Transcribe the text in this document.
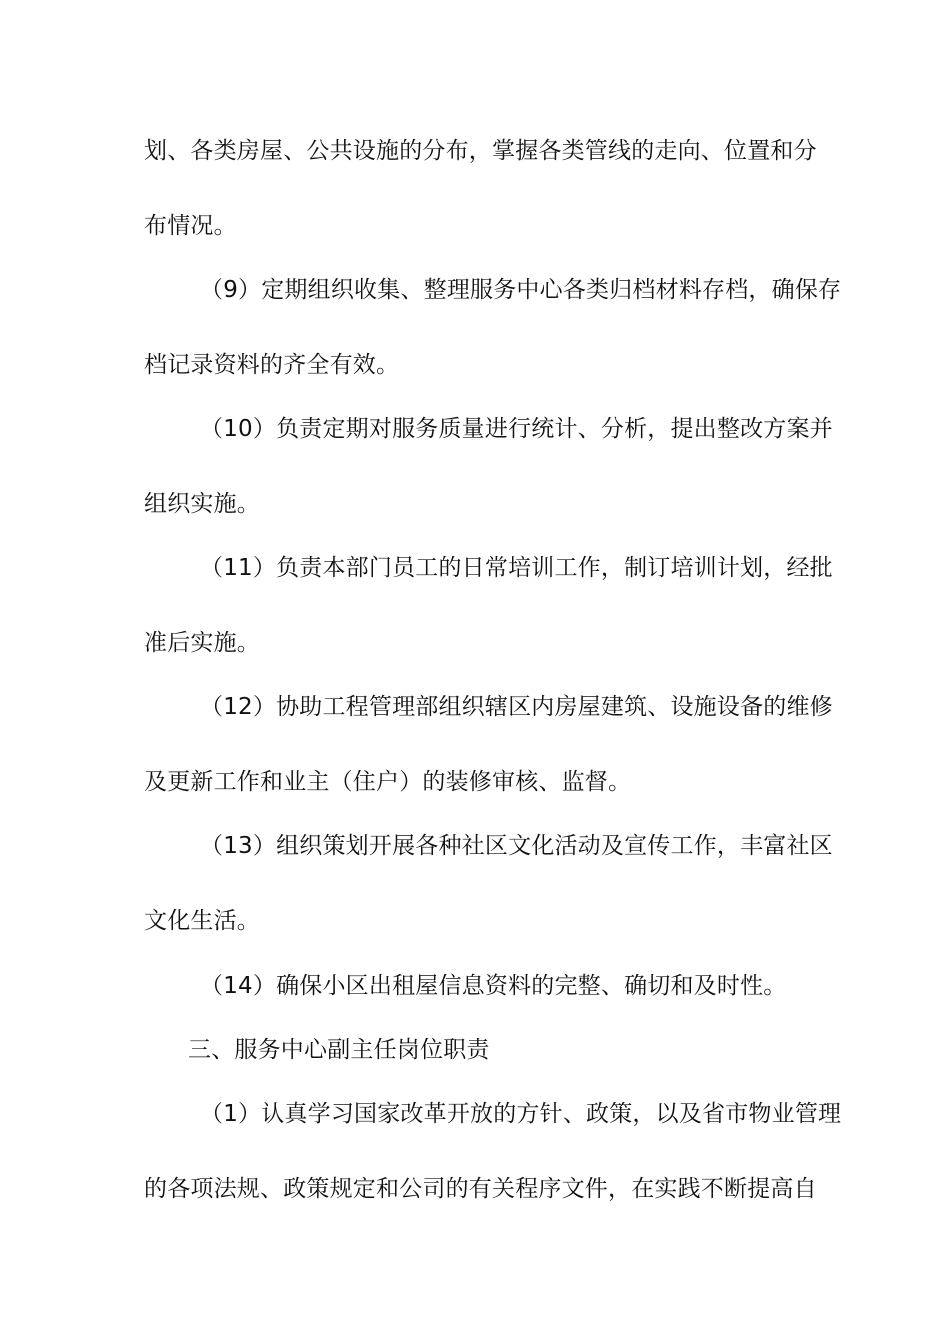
划、各类房屋、公共设施的分布，掌握各类管线的走向、位置和分
布情况。
（9）定期组织收集、整理服务中心各类归档材料存档，确保存
档记录资料的齐全有效。
（10）负责定期对服务质量进行统计、分析，提出整改方案并
组织实施。
（11）负责本部门员工的日常培训工作，制订培训计划，经批
准后实施。
（12）协助工程管理部组织辖区内房屋建筑、设施设备的维修
及更新工作和业主（住户）的装修审核、监督。
（13）组织策划开展各种社区文化活动及宣传工作，丰富社区
文化生活。
（14）确保小区出租屋信息资料的完整、确切和及时性。
三、服务中心副主任岗位职责
（1）认真学习国家改革开放的方针、政策，以及省市物业管理
的各项法规、政策规定和公司的有关程序文件，在实践不断提高自
